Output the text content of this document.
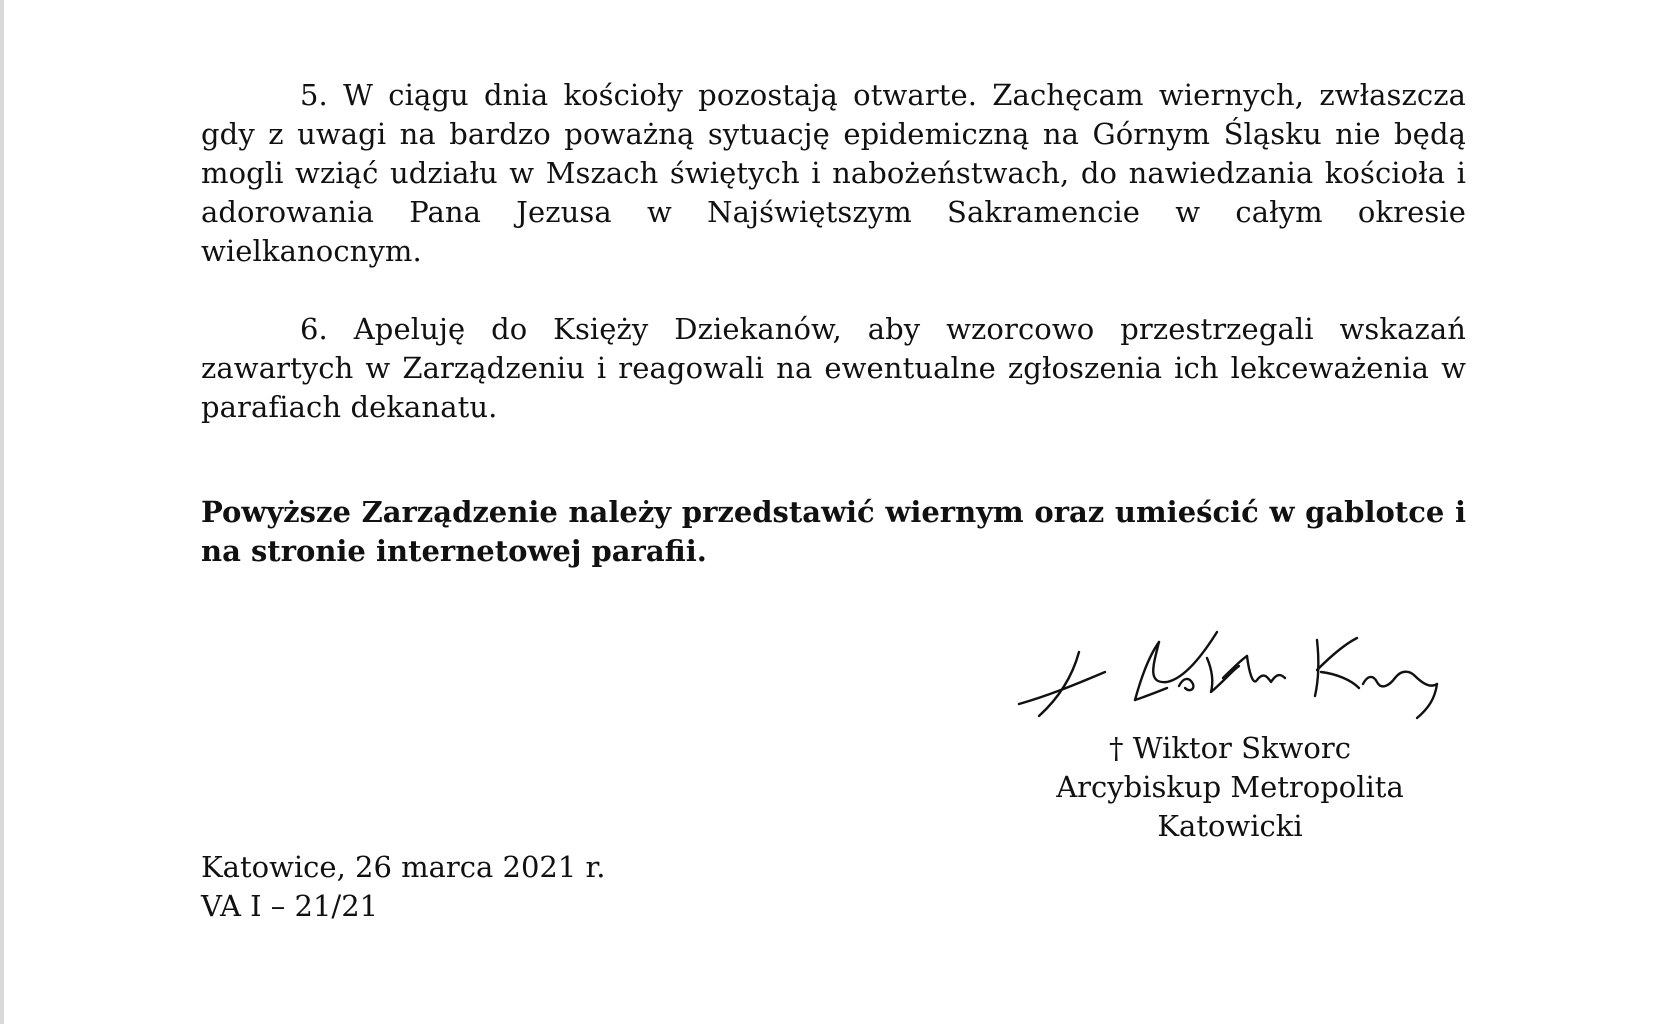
5. W ciągu dnia kościoły pozostają otwarte. Zachęcam wiernych, zwłaszcza gdy z uwagi na bardzo poważną sytuację epidemiczną na Górnym Śląsku nie będą mogli wziąć udziału w Mszach świętych i nabożeństwach, do nawiedzania kościoła i adorowania Pana Jezusa w Najświętszym Sakramencie w całym okresie wielkanocnym.

6. Apeluję do Księży Dziekanów, aby wzorcowo przestrzegali wskazań zawartych w Zarządzeniu i reagowali na ewentualne zgłoszenia ich lekceważenia w parafiach dekanatu.

Powyższe Zarządzenie należy przedstawić wiernym oraz umieścić w gablotce i na stronie internetowej parafii.

† Wiktor Skworc
Arcybiskup Metropolita
Katowicki
Katowice, 26 marca 2021 r.
VA I – 21/21
